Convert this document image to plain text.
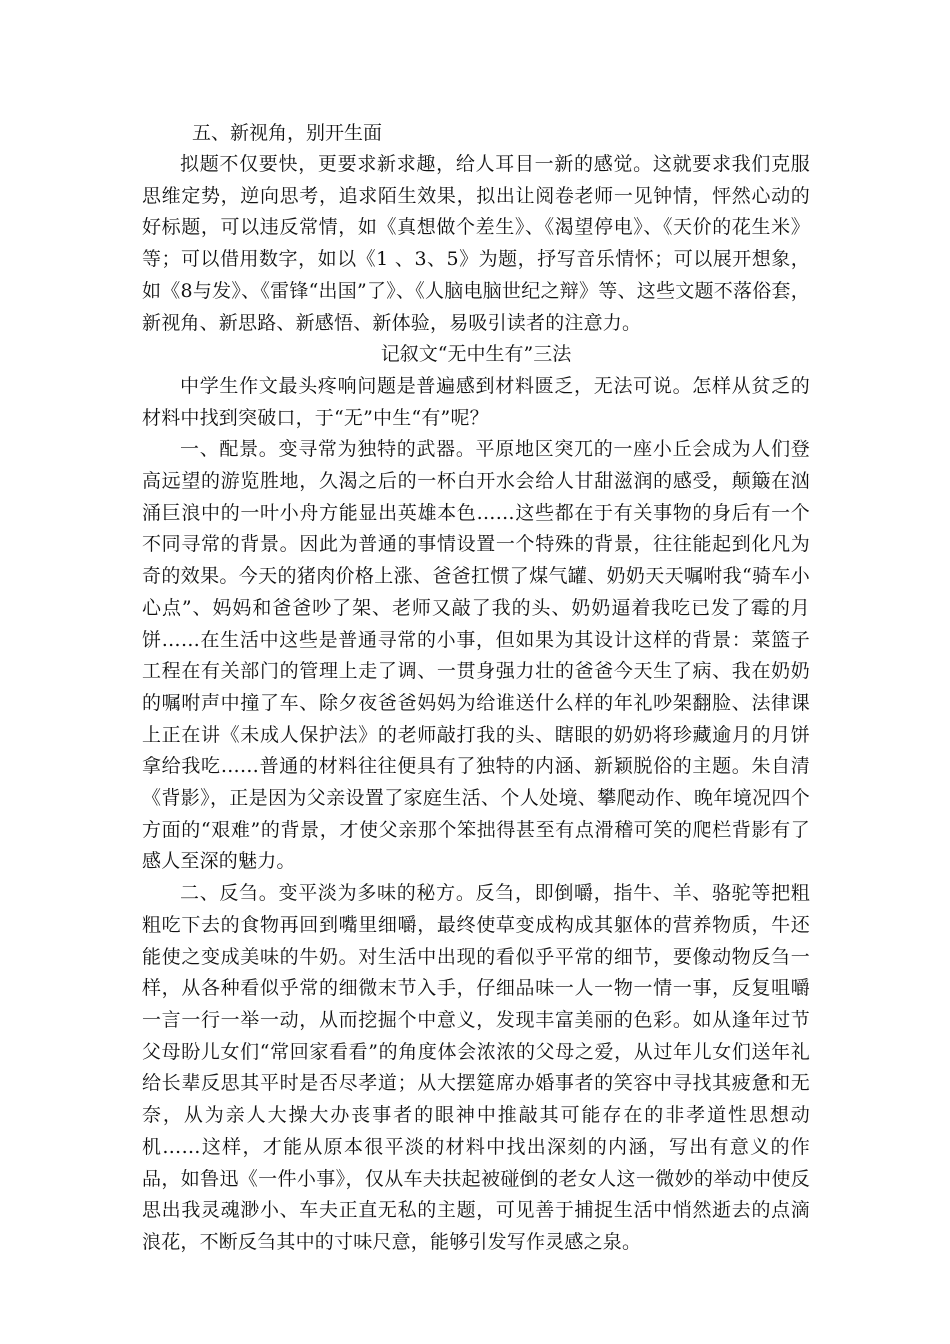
五、新视角，别开生面

拟题不仅要快，更要求新求趣，给人耳目一新的感觉。这就要求我们克服思维定势，逆向思考，追求陌生效果，拟出让阅卷老师一见钟情，怦然心动的好标题，可以违反常情，如《真想做个差生》、《渴望停电》、《天价的花生米》等；可以借用数字，如以《1 、3、5》为题，抒写音乐情怀；可以展开想象，如《8与发》、《雷锋“出国”了》、《人脑电脑世纪之辩》等、这些文题不落俗套，新视角、新思路、新感悟、新体验，易吸引读者的注意力。

记叙文“无中生有”三法

中学生作文最头疼响问题是普遍感到材料匮乏，无法可说。怎样从贫乏的材料中找到突破口，于“无”中生“有”呢？

一、配景。变寻常为独特的武器。平原地区突兀的一座小丘会成为人们登高远望的游览胜地，久渴之后的一杯白开水会给人甘甜滋润的感受，颠簸在汹涌巨浪中的一叶小舟方能显出英雄本色……这些都在于有关事物的身后有一个不同寻常的背景。因此为普通的事情设置一个特殊的背景，往往能起到化凡为奇的效果。今天的猪肉价格上涨、爸爸扛惯了煤气罐、奶奶天天嘱咐我“骑车小心点”、妈妈和爸爸吵了架、老师又敲了我的头、奶奶逼着我吃已发了霉的月饼……在生活中这些是普通寻常的小事，但如果为其设计这样的背景：菜篮子工程在有关部门的管理上走了调、一贯身强力壮的爸爸今天生了病、我在奶奶的嘱咐声中撞了车、除夕夜爸爸妈妈为给谁送什么样的年礼吵架翻脸、法律课上正在讲《未成人保护法》的老师敲打我的头、瞎眼的奶奶将珍藏逾月的月饼拿给我吃……普通的材料往往便具有了独特的内涵、新颖脱俗的主题。朱自清《背影》，正是因为父亲设置了家庭生活、个人处境、攀爬动作、晚年境况四个方面的“艰难”的背景，才使父亲那个笨拙得甚至有点滑稽可笑的爬栏背影有了感人至深的魅力。

二、反刍。变平淡为多味的秘方。反刍，即倒嚼，指牛、羊、骆驼等把粗粗吃下去的食物再回到嘴里细嚼，最终使草变成构成其躯体的营养物质，牛还能使之变成美味的牛奶。对生活中出现的看似乎平常的细节，要像动物反刍一样，从各种看似乎常的细微末节入手，仔细品味一人一物一情一事，反复咀嚼一言一行一举一动，从而挖掘个中意义，发现丰富美丽的色彩。如从逢年过节父母盼儿女们“常回家看看”的角度体会浓浓的父母之爱，从过年儿女们送年礼给长辈反思其平时是否尽孝道；从大摆筵席办婚事者的笑容中寻找其疲惫和无奈，从为亲人大操大办丧事者的眼神中推敲其可能存在的非孝道性思想动机……这样，才能从原本很平淡的材料中找出深刻的内涵，写出有意义的作品，如鲁迅《一件小事》，仅从车夫扶起被碰倒的老女人这一微妙的举动中使反思出我灵魂渺小、车夫正直无私的主题，可见善于捕捉生活中悄然逝去的点滴浪花，不断反刍其中的寸味尺意，能够引发写作灵感之泉。
